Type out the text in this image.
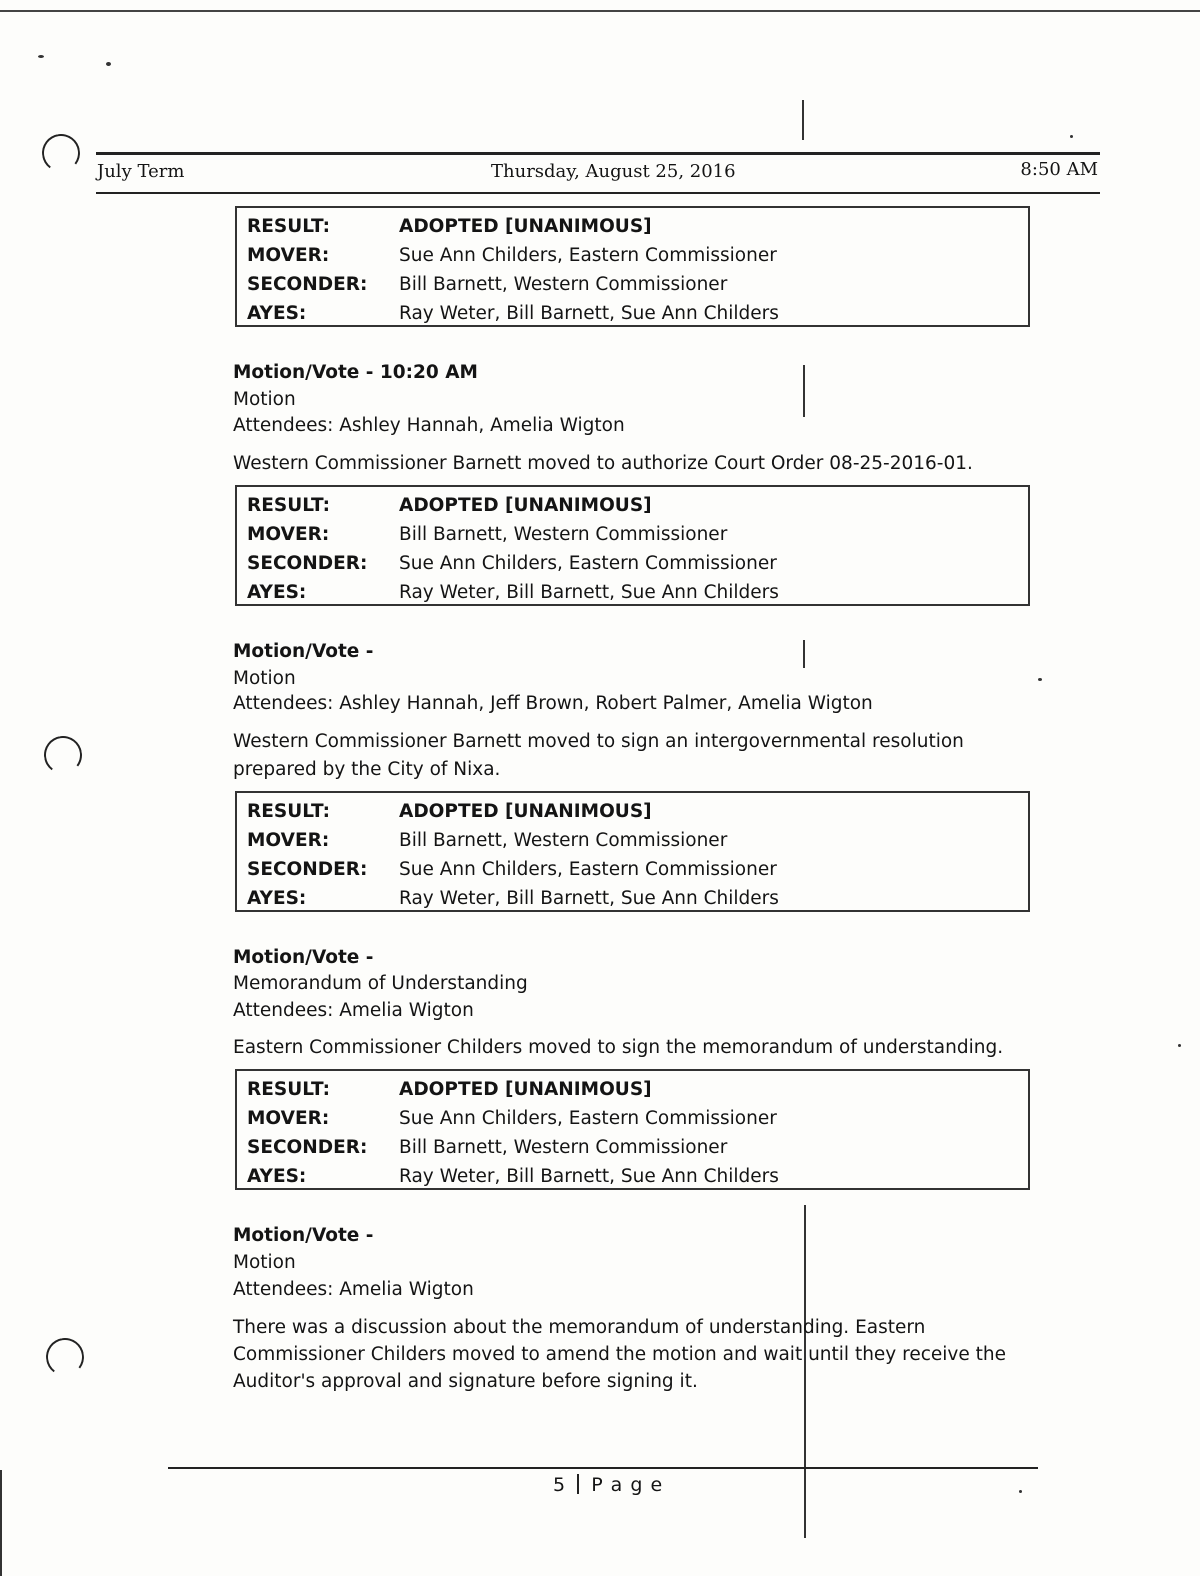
July Term	Thursday, August 25, 2016	8:50 AM
RESULT:	ADOPTED [UNANIMOUS]
MOVER:	Sue Ann Childers, Eastern Commissioner
SECONDER: Bill Barnett, Western Commissioner
AYES:	Ray Weter, Bill Barnett, Sue Ann Childers
Motion/Vote - 10:20 AM
Motion
Attendees: Ashley Hannah, Amelia Wigton
Western Commissioner Barnett moved to authorize Court Order 08-25-2016-01.
RESULT:	ADOPTED [UNANIMOUS]
MOVER:	Bill Barnett, Western Commissioner
SECONDER: Sue Ann Childers, Eastern Commissioner
AYES:	Ray Weter, Bill Barnett, Sue Ann Childers
Motion/Vote -
Motion
Attendees: Ashley Hannah, Jeff Brown, Robert Palmer, Amelia Wigton
Western Commissioner Barnett moved to sign an intergovernmental resolution
prepared by the City of Nixa.
RESULT:	ADOPTED [UNANIMOUS]
MOVER:	Bill Barnett, Western Commissioner
SECONDER: Sue Ann Childers, Eastern Commissioner
AYES:	Ray Weter, Bill Barnett, Sue Ann Childers
Motion/Vote -
Memorandum of Understanding
Attendees: Amelia Wigton
Eastern Commissioner Childers moved to sign the memorandum of understanding.
RESULT:	ADOPTED [UNANIMOUS]
MOVER:	Sue Ann Childers, Eastern Commissioner
SECONDER: Bill Barnett, Western Commissioner
AYES:	Ray Weter, Bill Barnett, Sue Ann Childers
Motion/Vote -
Motion
Attendees: Amelia Wigton
There was a discussion about the memorandum of understanding. Eastern
Commissioner Childers moved to amend the motion and wait until they receive the
Auditor's approval and signature before signing it.
5 P a g e
